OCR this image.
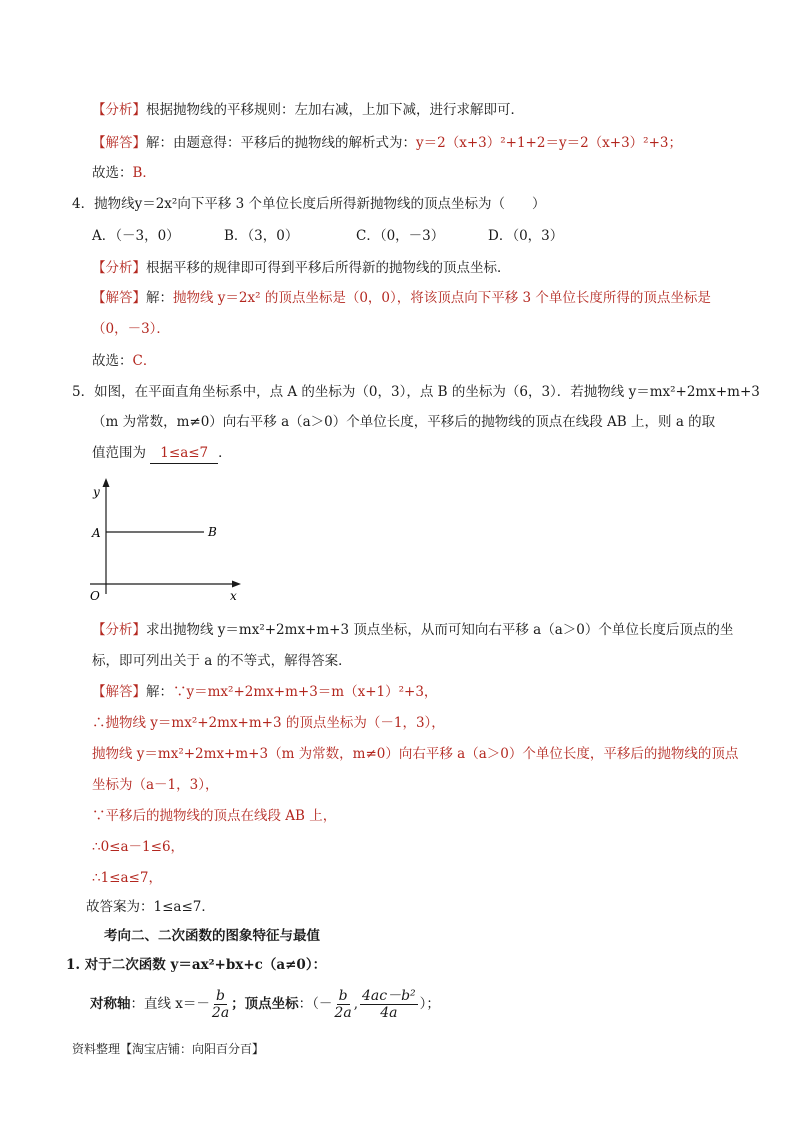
【分析】根据抛物线的平移规则：左加右减，上加下减，进行求解即可．
【解答】解：由题意得：平移后的抛物线的解析式为：y＝2（x+3）²+1+2＝y＝2（x+3）²+3；
故选：B．
4．抛物线y＝2x²向下平移 3 个单位长度后所得新抛物线的顶点坐标为（　　）
A．（－3，0）	B．（3，0）	C．（0，－3）	D．（0，3）
【分析】根据平移的规律即可得到平移后所得新的抛物线的顶点坐标．
【解答】解：抛物线 y＝2x² 的顶点坐标是（0，0），将该顶点向下平移 3 个单位长度所得的顶点坐标是
（0，－3）．
故选：C．
5．如图，在平面直角坐标系中，点 A 的坐标为（0，3），点 B 的坐标为（6，3）．若抛物线 y＝mx²+2mx+m+3
（m 为常数，m≠0）向右平移 a（a＞0）个单位长度，平移后的抛物线的顶点在线段 AB 上，则 a 的取
值范围为 1≤a≤7 ．
y
A	B
O	x
【分析】求出抛物线 y＝mx²+2mx+m+3 顶点坐标，从而可知向右平移 a（a＞0）个单位长度后顶点的坐
标，即可列出关于 a 的不等式，解得答案．
【解答】解：∵y＝mx²+2mx+m+3＝m（x+1）²+3，
∴抛物线 y＝mx²+2mx+m+3 的顶点坐标为（－1，3），
抛物线 y＝mx²+2mx+m+3（m 为常数，m≠0）向右平移 a（a＞0）个单位长度，平移后的抛物线的顶点
坐标为（a－1，3），
∵平移后的抛物线的顶点在线段 AB 上，
∴0≤a－1≤6，
∴1≤a≤7，
故答案为：1≤a≤7．
考向二、二次函数的图象特征与最值
1. 对于二次函数 y＝ax²+bx+c（a≠0）：
对称轴：直线 $x=- \frac{b}{2a}$ ；顶点坐标：（－ $\frac{b}{2a}$ , $\frac{\text{4ac－b²}}{4a}$ ）；
资料整理【淘宝店铺：向阳百分百】
